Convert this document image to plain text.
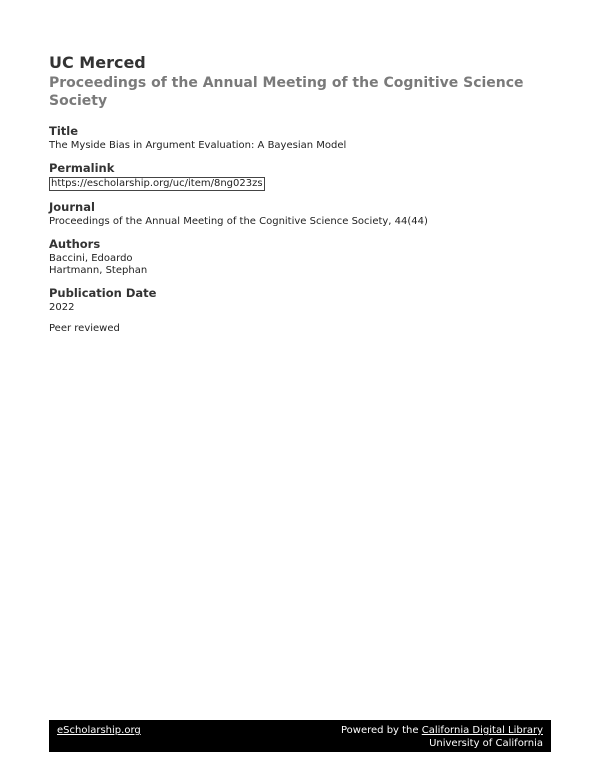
UC Merced
Proceedings of the Annual Meeting of the Cognitive Science Society
Title
The Myside Bias in Argument Evaluation: A Bayesian Model
Permalink
https://escholarship.org/uc/item/8ng023zs
Journal
Proceedings of the Annual Meeting of the Cognitive Science Society, 44(44)
Authors
Baccini, Edoardo
Hartmann, Stephan
Publication Date
2022
Peer reviewed
eScholarship.org	Powered by the California Digital Library
University of California
